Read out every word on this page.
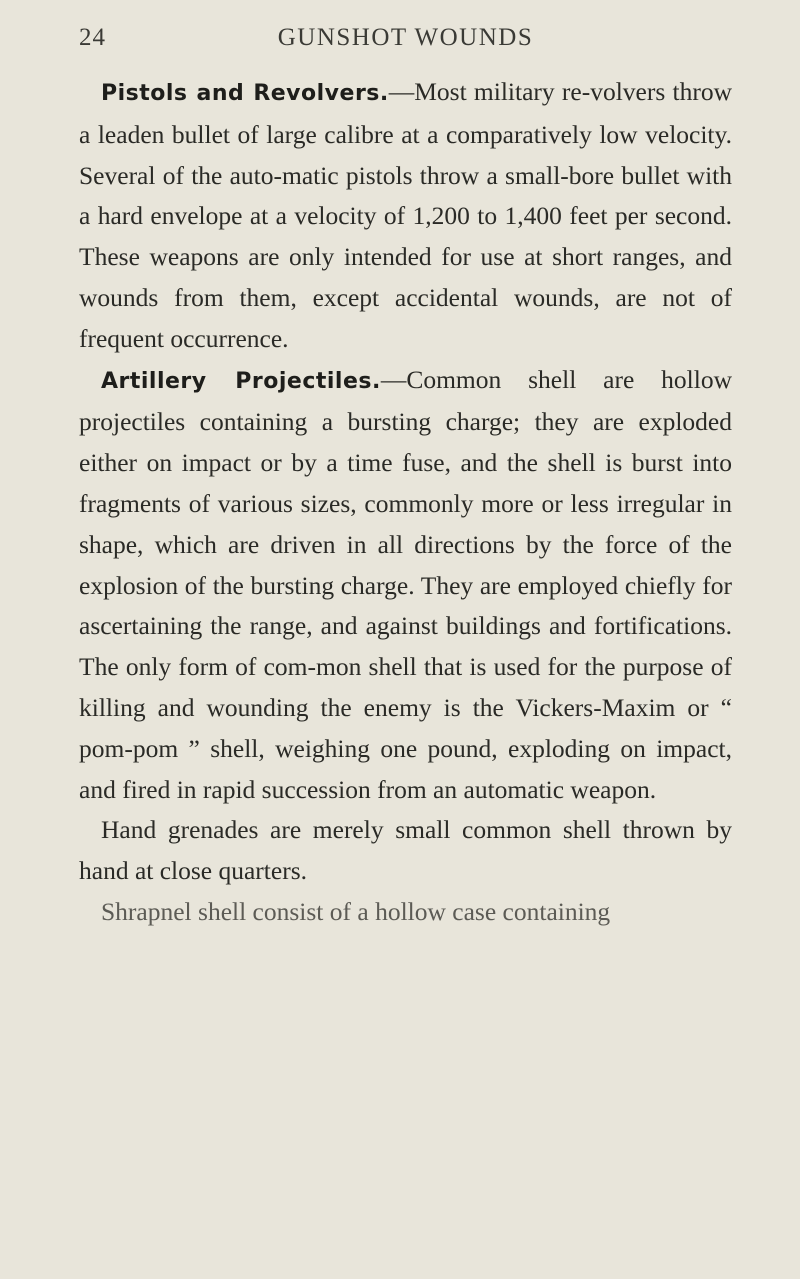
24	GUNSHOT WOUNDS

Pistols and Revolvers.—Most military re-volvers throw a leaden bullet of large calibre at a comparatively low velocity. Several of the auto-matic pistols throw a small-bore bullet with a hard envelope at a velocity of 1,200 to 1,400 feet per second. These weapons are only intended for use at short ranges, and wounds from them, except accidental wounds, are not of frequent occurrence.

Artillery Projectiles.—Common shell are hollow projectiles containing a bursting charge; they are exploded either on impact or by a time fuse, and the shell is burst into fragments of various sizes, commonly more or less irregular in shape, which are driven in all directions by the force of the explosion of the bursting charge. They are employed chiefly for ascertaining the range, and against buildings and fortifications. The only form of com-mon shell that is used for the purpose of killing and wounding the enemy is the Vickers-Maxim or “ pom-pom ” shell, weighing one pound, exploding on impact, and fired in rapid succession from an automatic weapon.

Hand grenades are merely small common shell thrown by hand at close quarters.

Shrapnel shell consist of a hollow case containing
